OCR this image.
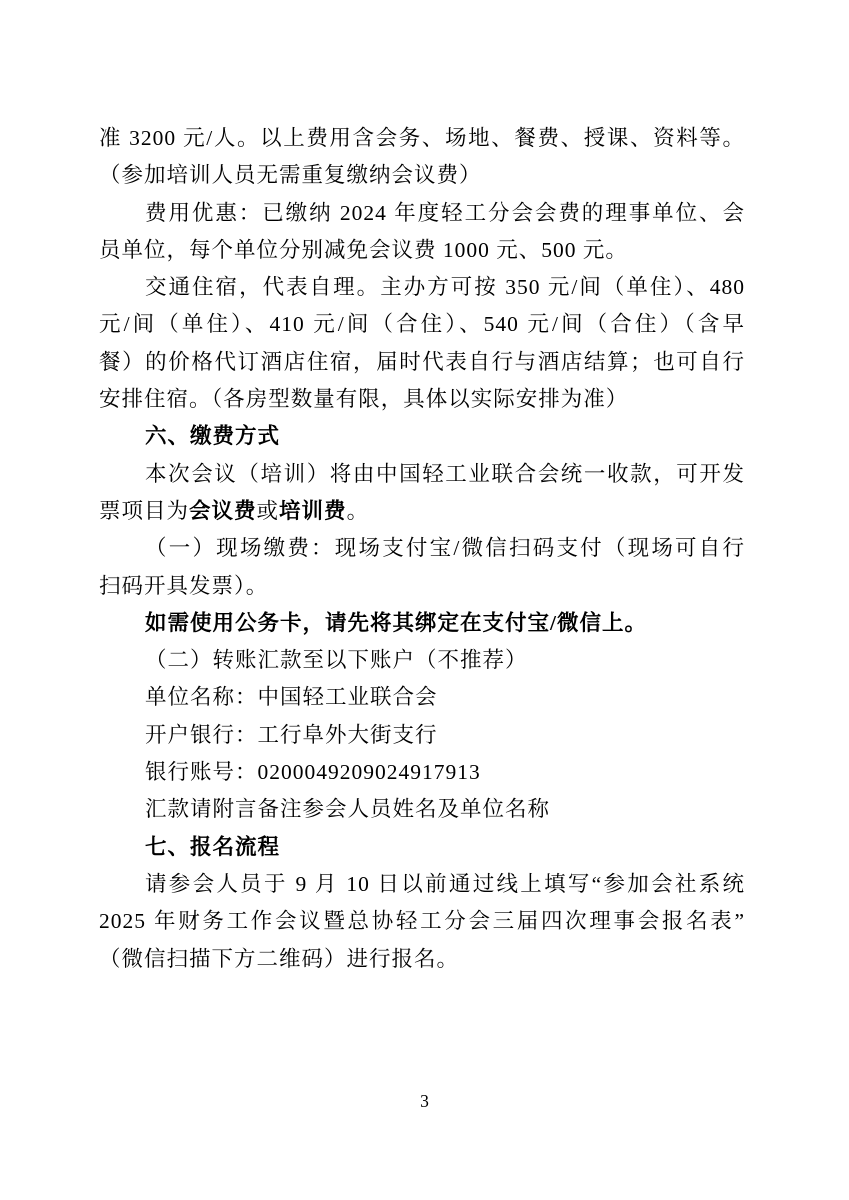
准 3200 元/人。以上费用含会务、场地、餐费、授课、资料等。
（参加培训人员无需重复缴纳会议费）
费用优惠：已缴纳 2024 年度轻工分会会费的理事单位、会
员单位，每个单位分别减免会议费 1000 元、500 元。
交通住宿，代表自理。主办方可按 350 元/间（单住）、480
元/间（单住）、410 元/间（合住）、540 元/间（合住）（含早
餐）的价格代订酒店住宿，届时代表自行与酒店结算；也可自行
安排住宿。（各房型数量有限，具体以实际安排为准）
六、缴费方式
本次会议（培训）将由中国轻工业联合会统一收款，可开发
票项目为会议费或培训费。
（一）现场缴费：现场支付宝/微信扫码支付（现场可自行
扫码开具发票）。
如需使用公务卡，请先将其绑定在支付宝/微信上。
（二）转账汇款至以下账户（不推荐）
单位名称：中国轻工业联合会
开户银行：工行阜外大街支行
银行账号：0200049209024917913
汇款请附言备注参会人员姓名及单位名称
七、报名流程
请参会人员于 9 月 10 日以前通过线上填写“参加会社系统
2025 年财务工作会议暨总协轻工分会三届四次理事会报名表”
（微信扫描下方二维码）进行报名。
3
